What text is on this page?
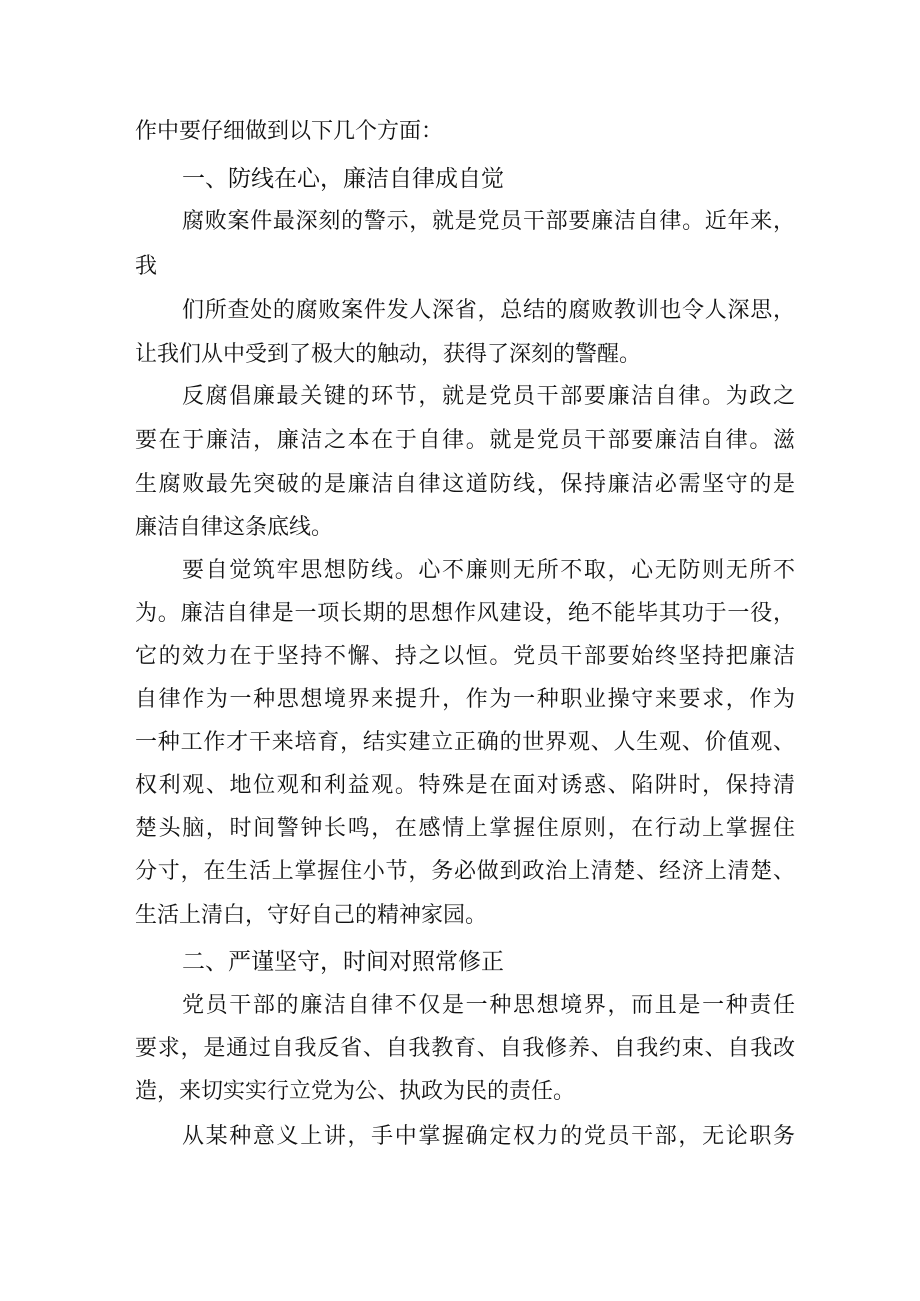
作中要仔细做到以下几个方面：
一、防线在心，廉洁自律成自觉
腐败案件最深刻的警示，就是党员干部要廉洁自律。近年来，
我
们所查处的腐败案件发人深省，总结的腐败教训也令人深思，
让我们从中受到了极大的触动，获得了深刻的警醒。
反腐倡廉最关键的环节，就是党员干部要廉洁自律。为政之
要在于廉洁，廉洁之本在于自律。就是党员干部要廉洁自律。滋
生腐败最先突破的是廉洁自律这道防线，保持廉洁必需坚守的是
廉洁自律这条底线。
要自觉筑牢思想防线。心不廉则无所不取，心无防则无所不
为。廉洁自律是一项长期的思想作风建设，绝不能毕其功于一役，
它的效力在于坚持不懈、持之以恒。党员干部要始终坚持把廉洁
自律作为一种思想境界来提升，作为一种职业操守来要求，作为
一种工作才干来培育，结实建立正确的世界观、人生观、价值观、
权利观、地位观和利益观。特殊是在面对诱惑、陷阱时，保持清
楚头脑，时间警钟长鸣，在感情上掌握住原则，在行动上掌握住
分寸，在生活上掌握住小节，务必做到政治上清楚、经济上清楚、
生活上清白，守好自己的精神家园。
二、严谨坚守，时间对照常修正
党员干部的廉洁自律不仅是一种思想境界，而且是一种责任
要求，是通过自我反省、自我教育、自我修养、自我约束、自我改
造，来切实实行立党为公、执政为民的责任。
从某种意义上讲，手中掌握确定权力的党员干部，无论职务
